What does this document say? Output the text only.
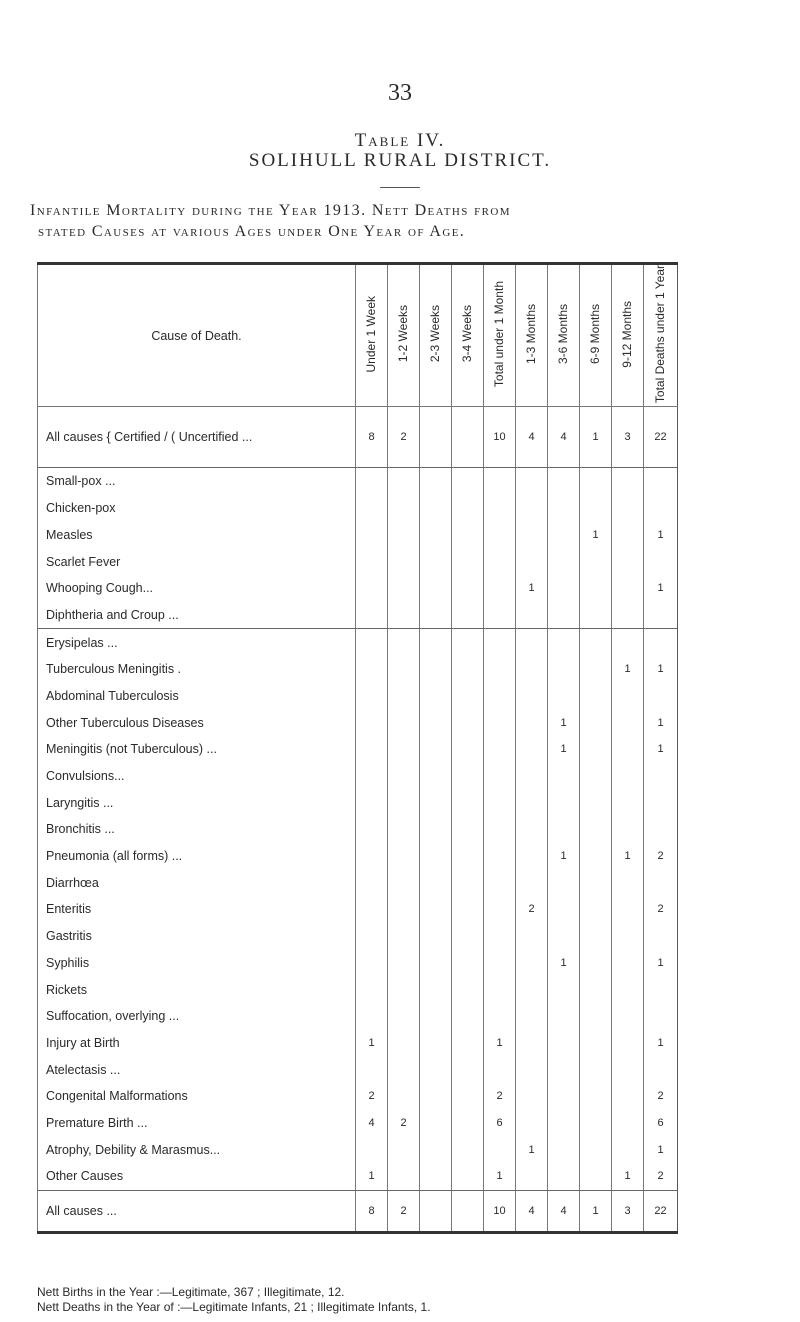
33
Table IV.
SOLIHULL RURAL DISTRICT.
Infantile Mortality during the Year 1913. Nett Deaths from
stated Causes at various Ages under One Year of Age.
Cause of Death.	Under 1 Week	1-2 Weeks	2-3 Weeks	3-4 Weeks	Total under 1 Month	1-3 Months	3-6 Months	6-9 Months	9-12 Months	Total Deaths under 1 Year
All causes { Certified / ( Uncertified ...	8	2			10	4	4	1	3	22
Small-pox ...										
Chicken-pox										
Measles								1		1
Scarlet Fever										
Whooping Cough...						1				1
Diphtheria and Croup ...										
Erysipelas ...										
Tuberculous Meningitis .									1	1
Abdominal Tuberculosis										
Other Tuberculous Diseases							1			1
Meningitis (not Tuberculous) ...							1			1
Convulsions...										
Laryngitis ...										
Bronchitis ...										
Pneumonia (all forms) ...							1		1	2
Diarrhœa										
Enteritis						2				2
Gastritis										
Syphilis							1			1
Rickets										
Suffocation, overlying ...										
Injury at Birth	1				1					1
Atelectasis ...										
Congenital Malformations	2				2					2
Premature Birth ...	4	2			6					6
Atrophy, Debility & Marasmus...						1				1
Other Causes	1				1				1	2
All causes ...	8	2			10	4	4	1	3	22
Nett Births in the Year :—Legitimate, 367 ; Illegitimate, 12.
Nett Deaths in the Year of :—Legitimate Infants, 21 ; Illegitimate Infants, 1.
